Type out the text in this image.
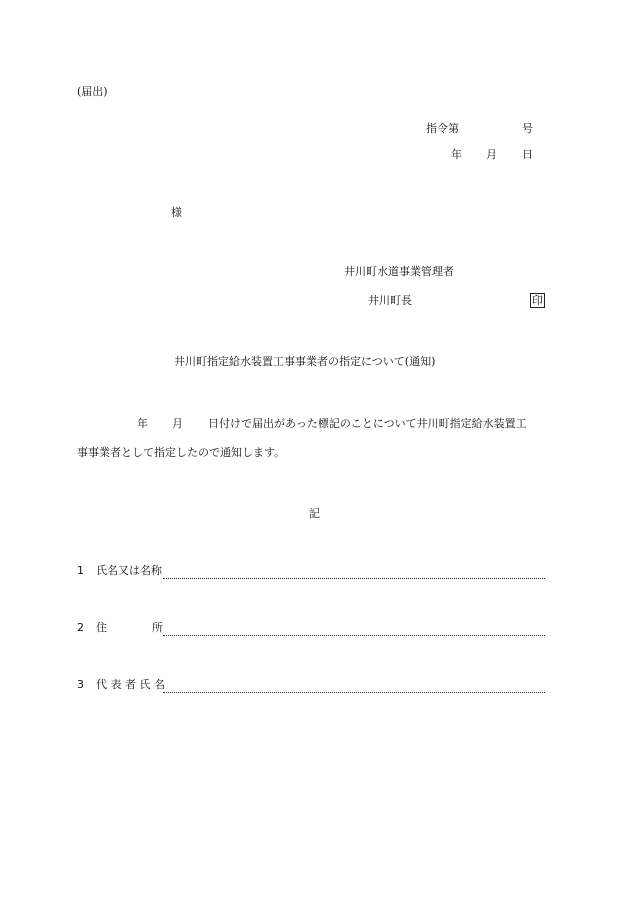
(届出)
指令第	号
年 月 日
様
井川町水道事業管理者
井川町長	印
井川町指定給水装置工事事業者の指定について(通知)
年 月 日付けで届出があった標記のことについて井川町指定給水装置工
事事業者として指定したので通知します。
記
1 氏名又は名称
2 住	所
3 代 表 者 氏 名
